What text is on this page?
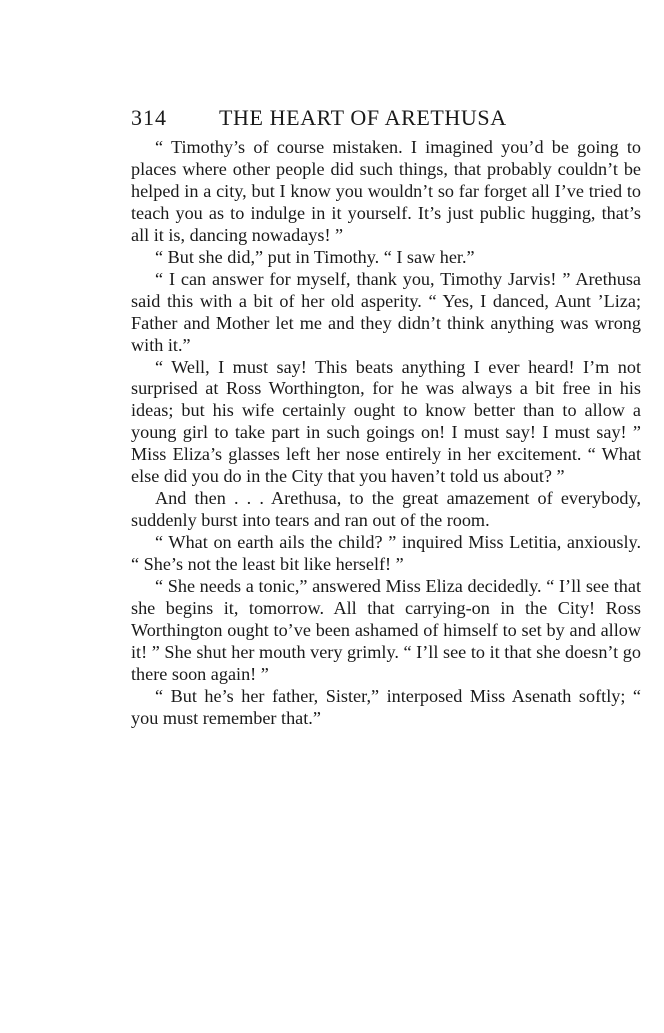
314 THE HEART OF ARETHUSA

“ Timothy’s of course mistaken. I imagined you’d be going to places where other people did such things, that probably couldn’t be helped in a city, but I know you wouldn’t so far forget all I’ve tried to teach you as to indulge in it yourself. It’s just public hugging, that’s all it is, dancing nowadays! ”

“ But she did,” put in Timothy. “ I saw her.”

“ I can answer for myself, thank you, Timothy Jarvis! ” Arethusa said this with a bit of her old asperity. “ Yes, I danced, Aunt ’Liza; Father and Mother let me and they didn’t think anything was wrong with it.”

“ Well, I must say! This beats anything I ever heard! I’m not surprised at Ross Worthington, for he was always a bit free in his ideas; but his wife certainly ought to know better than to allow a young girl to take part in such goings on! I must say! I must say! ” Miss Eliza’s glasses left her nose entirely in her excitement. “ What else did you do in the City that you haven’t told us about? ”

And then . . . Arethusa, to the great amazement of everybody, suddenly burst into tears and ran out of the room.

“ What on earth ails the child? ” inquired Miss Letitia, anxiously. “ She’s not the least bit like herself! ”

“ She needs a tonic,” answered Miss Eliza decidedly. “ I’ll see that she begins it, tomorrow. All that carrying-on in the City! Ross Worthington ought to’ve been ashamed of himself to set by and allow it! ” She shut her mouth very grimly. “ I’ll see to it that she doesn’t go there soon again! ”

“ But he’s her father, Sister,” interposed Miss Asenath softly; “ you must remember that.”
